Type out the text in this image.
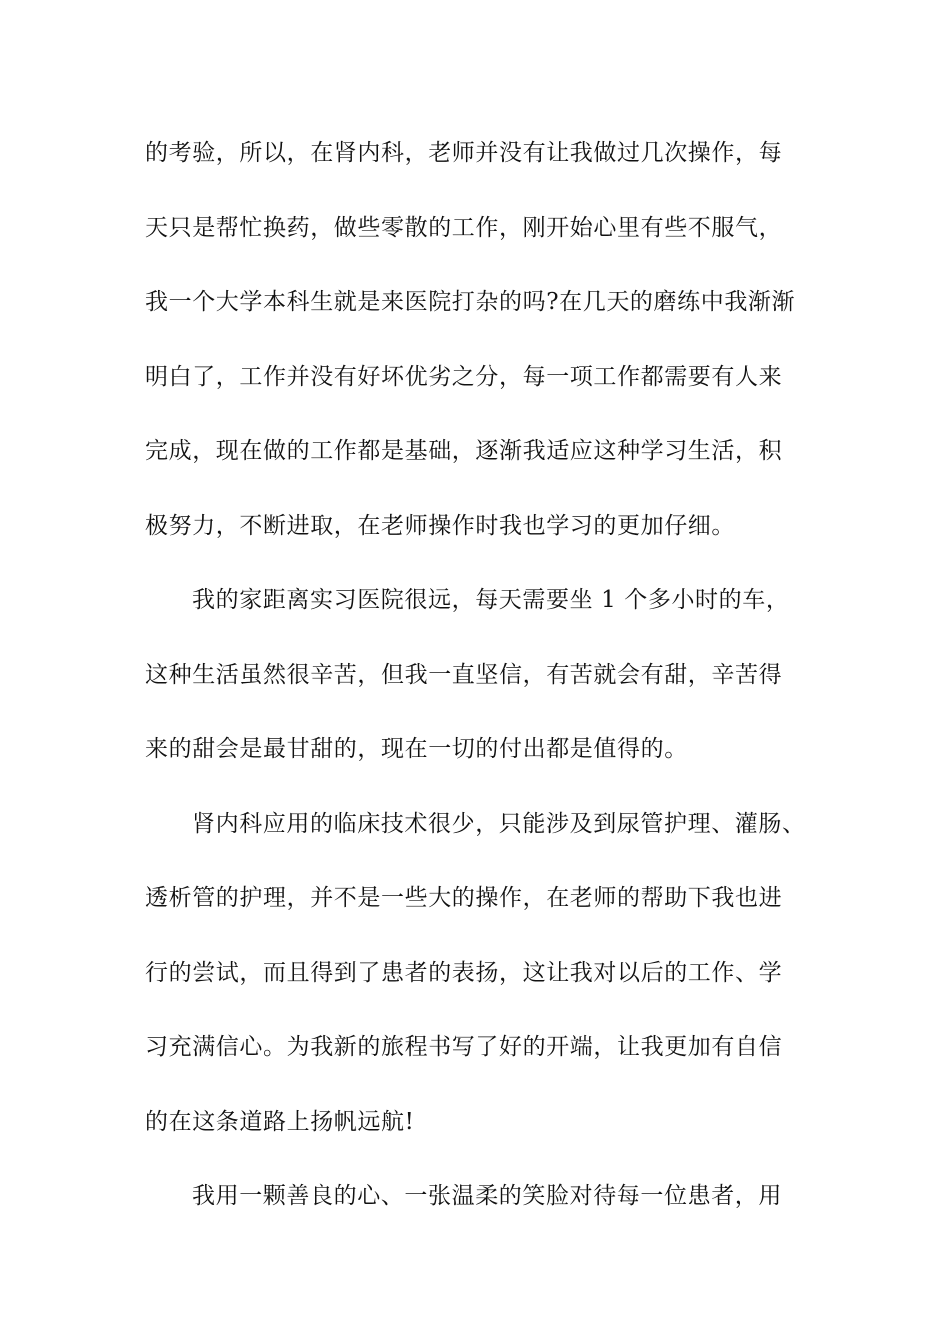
的考验，所以，在肾内科，老师并没有让我做过几次操作，每
天只是帮忙换药，做些零散的工作，刚开始心里有些不服气，
我一个大学本科生就是来医院打杂的吗?在几天的磨练中我渐渐
明白了，工作并没有好坏优劣之分，每一项工作都需要有人来
完成，现在做的工作都是基础，逐渐我适应这种学习生活，积
极努力，不断进取，在老师操作时我也学习的更加仔细。
我的家距离实习医院很远，每天需要坐 1 个多小时的车，
这种生活虽然很辛苦，但我一直坚信，有苦就会有甜，辛苦得
来的甜会是最甘甜的，现在一切的付出都是值得的。
肾内科应用的临床技术很少，只能涉及到尿管护理、灌肠、
透析管的护理，并不是一些大的操作，在老师的帮助下我也进
行的尝试，而且得到了患者的表扬，这让我对以后的工作、学
习充满信心。为我新的旅程书写了好的开端，让我更加有自信
的在这条道路上扬帆远航!
我用一颗善良的心、一张温柔的笑脸对待每一位患者，用
